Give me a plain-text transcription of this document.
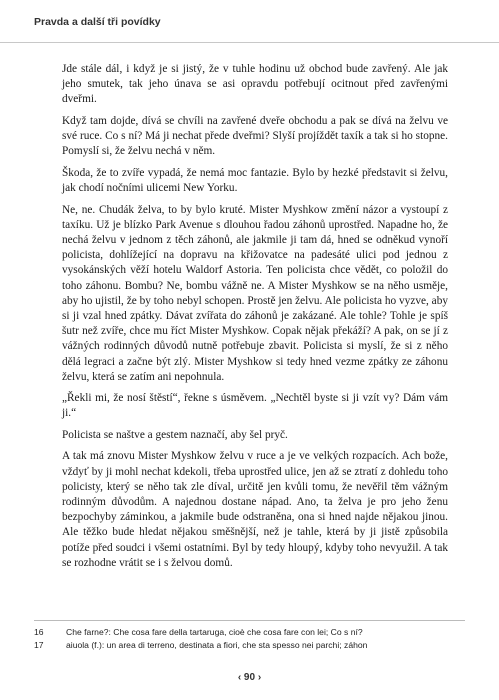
Pravda a další tři povídky

Jde stále dál, i když je si jistý, že v tuhle hodinu už obchod bude zavřený. Ale jak jeho smutek, tak jeho únava se asi opravdu potřebují ocitnout před zavřenými dveřmi.

Když tam dojde, dívá se chvíli na zavřené dveře obchodu a pak se dívá na želvu ve své ruce. Co s ní? Má ji nechat přede dveřmi? Slyší projíždět taxík a tak si ho stopne. Pomyslí si, že želvu nechá v něm.

Škoda, že to zvíře vypadá, že nemá moc fantazie. Bylo by hezké představit si želvu, jak chodí nočními ulicemi New Yorku.

Ne, ne. Chudák želva, to by bylo kruté. Mister Myshkow změní názor a vystoupí z taxíku. Už je blízko Park Avenue s dlouhou řadou záhonů uprostřed. Napadne ho, že nechá želvu v jednom z těch záhonů, ale jakmile ji tam dá, hned se odněkud vynoří policista, dohlížející na dopravu na křižovatce na padesáté ulici pod jednou z vysokánských věží hotelu Waldorf Astoria. Ten policista chce vědět, co položil do toho záhonu. Bombu? Ne, bombu vážně ne. A Mister Myshkow se na něho usměje, aby ho ujistil, že by toho nebyl schopen. Prostě jen želvu. Ale policista ho vyzve, aby si ji vzal hned zpátky. Dávat zvířata do záhonů je zakázané. Ale tohle? Tohle je spíš šutr než zvíře, chce mu říct Mister Myshkow. Copak nějak překáží? A pak, on se jí z vážných rodinných důvodů nutně potřebuje zbavit. Policista si myslí, že si z něho dělá legraci a začne být zlý. Mister Myshkow si tedy hned vezme zpátky ze záhonu želvu, která se zatím ani nepohnula.

„Řekli mi, že nosí štěstí“, řekne s úsměvem. „Nechtěl byste si ji vzít vy? Dám vám ji.“

Policista se naštve a gestem naznačí, aby šel pryč.

A tak má znovu Mister Myshkow želvu v ruce a je ve velkých rozpacích. Ach bože, vždyť by ji mohl nechat kdekoli, třeba uprostřed ulice, jen až se ztratí z dohledu toho policisty, který se něho tak zle díval, určitě jen kvůli tomu, že nevěřil těm vážným rodinným důvodům. A najednou dostane nápad. Ano, ta želva je pro jeho ženu bezpochyby záminkou, a jakmile bude odstraněna, ona si hned najde nějakou jinou. Ale těžko bude hledat nějakou směšnější, než je tahle, která by ji jistě způsobila potíže před soudci i všemi ostatními. Byl by tedy hloupý, kdyby toho nevyužil. A tak se rozhodne vrátit se i s želvou domů.

16	Che farne?: Che cosa fare della tartaruga, cioè che cosa fare con lei; Co s ní?
17	aiuola (f.): un area di terreno, destinata a fiori, che sta spesso nei parchi; záhon
‹ 90 ›
